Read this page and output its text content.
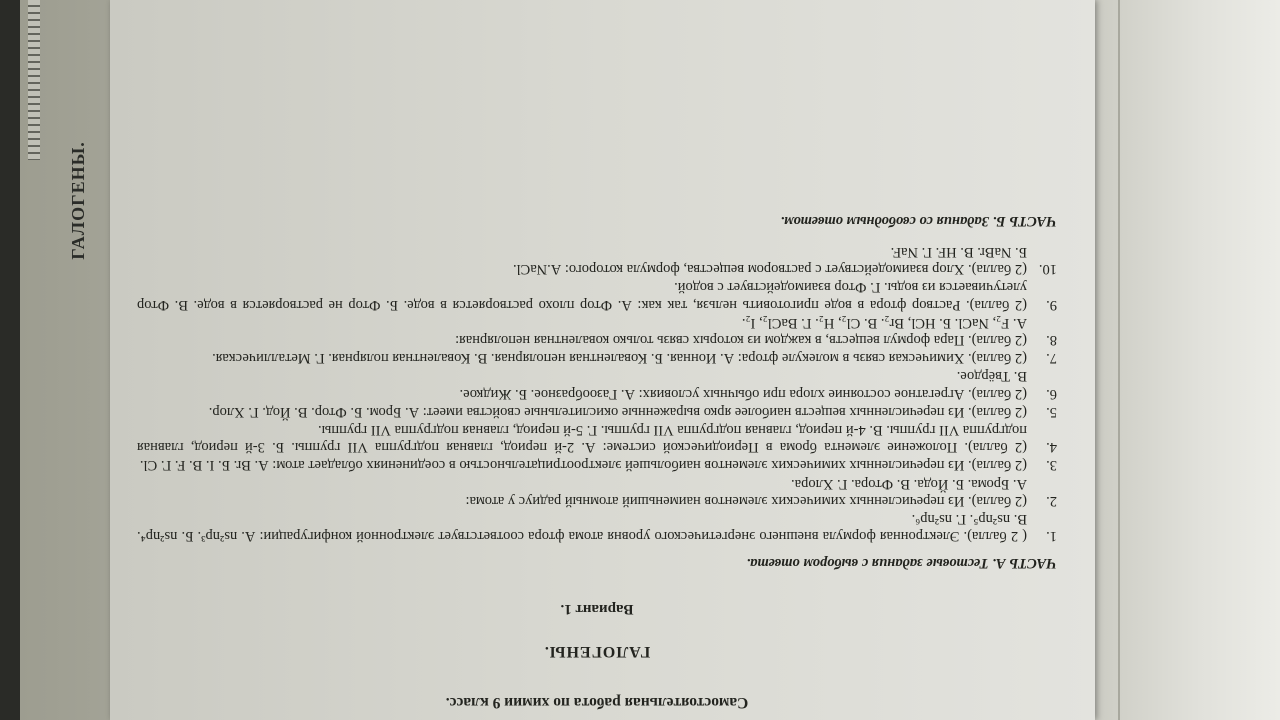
ГАЛОГЕНЫ.
Самостоятельная работа по химии 9 класс.
ГАЛОГЕНЫ.
Вариант 1.
ЧАСТЬ А. Тестовые задания с выбором ответа.
1.
( 2 балла). Электронная формула внешнего энергетического уровня атома фтора соответствует электронной конфигурации: А. ns²np³. Б. ns²np⁴. В. ns²np⁵. Г. ns²np⁶.
2.
(2 балла). Из перечисленных химических элементов наименьший атомный радиус у атома:
А. Брома. Б. Йода. В. Фтора. Г. Хлора.
3.
(2 балла). Из перечисленных химических элементов наибольшей электроотрицательностью в соединениях обладает атом: А. Br. Б. I. В. F. Г. Cl.
4.
(2 балла). Положение элемента брома в Периодической системе: А. 2-й период, главная подгруппа VII группы. Б. 3-й период, главная подгруппа VII группы. В. 4-й период, главная подгруппа VII группы. Г. 5-й период, главная подгруппа VII группы.
5.
(2 балла). Из перечисленных веществ наиболее ярко выраженные окислительные свойства имеет: А. Бром. Б. Фтор. В. Йод. Г. Хлор.
6.
(2 балла). Агрегатное состояние хлора при обычных условиях: А. Газообразное. Б. Жидкое.
В. Твёрдое.
7.
(2 балла). Химическая связь в молекуле фтора: А. Ионная. Б. Ковалентная неполярная. В. Ковалентная полярная. Г. Металлическая.
8.
(2 балла). Пара формул веществ, в каждом из которых связь только ковалентная неполярная:
А. F₂, NaCl. Б. HCl, Br₂. В. Cl₂, H₂. Г. BaCl₂, I₂.
9.
(2 балла). Раствор фтора в воде приготовить нельзя, так как: А. Фтор плохо растворяется в воде. Б. Фтор не растворяется в воде. В. Фтор улетучивается из воды. Г. Фтор взаимодействует с водой.
10.
(2 балла). Хлор взаимодействует с раствором вещества, формула которого: А.NaCl.
Б. NaBr. В. HF. Г. NaF.
ЧАСТЬ Б. Задания со свободным ответом.
